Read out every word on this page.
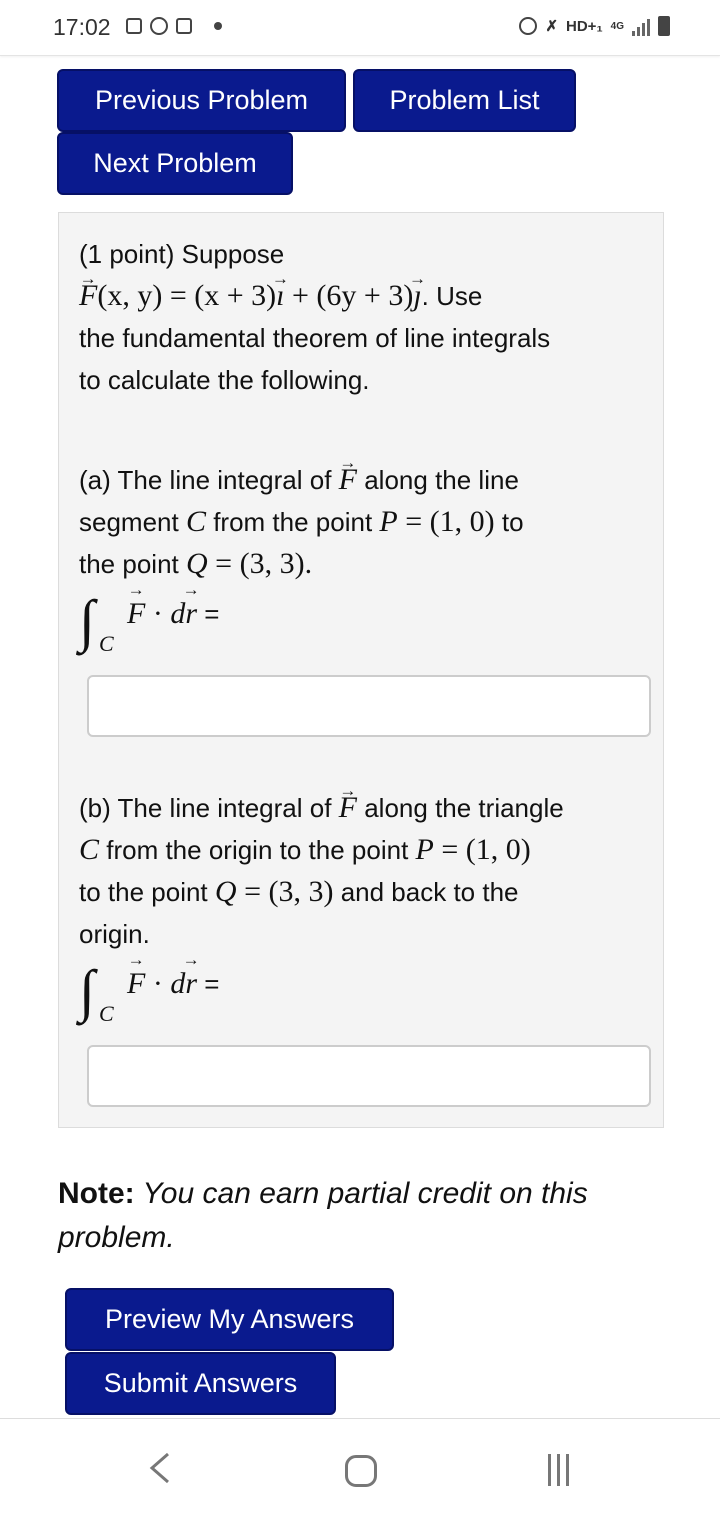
17:02	✗ HD+₁ 4G
Previous Problem	Problem List
Next Problem
(1 point) Suppose
F →(x, y) = (x + 3)ı → + (6y + 3)ȷ →. Use
the fundamental theorem of line integrals
to calculate the following.
(a) The line integral of F → along the line
segment C from the point P = (1, 0) to
the point Q = (3, 3).
∫ C
F → · dr → =
(b) The line integral of F → along the triangle
C from the origin to the point P = (1, 0)
to the point Q = (3, 3) and back to the
origin.
∫ C
F → · dr → =
Note: You can earn partial credit on this problem.
Preview My Answers
Submit Answers
